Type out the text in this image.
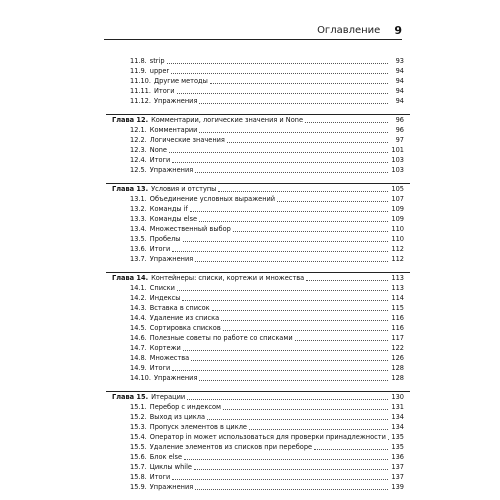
Оглавление 9
11.8. strip	93
11.9. upper	94
11.10. Другие методы	94
11.11. Итоги	94
11.12. Упражнения	94
Глава 12. Комментарии, логические значения и None	96
12.1. Комментарии	96
12.2. Логические значения	97
12.3. None	101
12.4. Итоги	103
12.5. Упражнения	103
Глава 13. Условия и отступы	105
13.1. Объединение условных выражений	107
13.2. Команды if	109
13.3. Команды else	109
13.4. Множественный выбор	110
13.5. Пробелы	110
13.6. Итоги	112
13.7. Упражнения	112
Глава 14. Контейнеры: списки, кортежи и множества	113
14.1. Списки	113
14.2. Индексы	114
14.3. Вставка в список	115
14.4. Удаление из списка	116
14.5. Сортировка списков	116
14.6. Полезные советы по работе со списками	117
14.7. Кортежи	122
14.8. Множества	126
14.9. Итоги	128
14.10. Упражнения	128
Глава 15. Итерации	130
15.1. Перебор с индексом	131
15.2. Выход из цикла	134
15.3. Пропуск элементов в цикле	134
15.4. Оператор in может использоваться для проверки принадлежности 135
15.5. Удаление элементов из списков при переборе	135
15.6. Блок else	136
15.7. Циклы while	137
15.8. Итоги	137
15.9. Упражнения	139
